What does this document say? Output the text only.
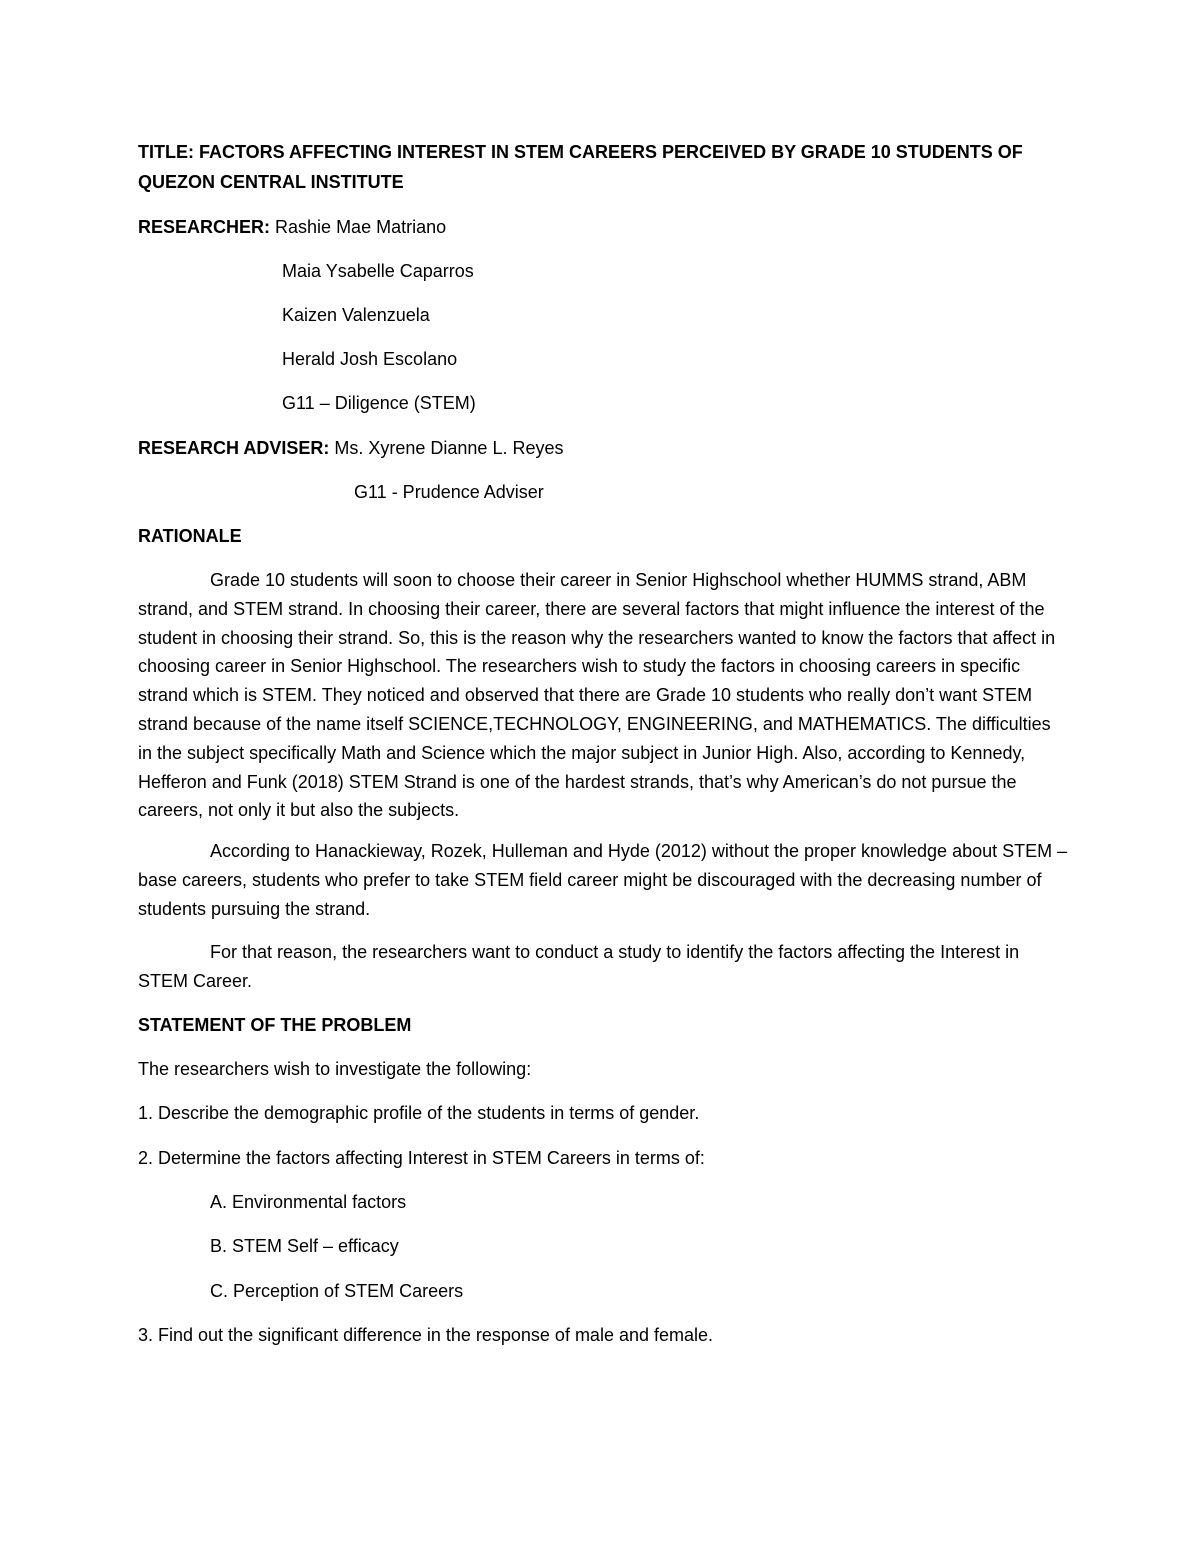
TITLE: FACTORS AFFECTING INTEREST IN STEM CAREERS PERCEIVED BY GRADE 10 STUDENTS OF
QUEZON CENTRAL INSTITUTE
RESEARCHER: Rashie Mae Matriano
Maia Ysabelle Caparros
Kaizen Valenzuela
Herald Josh Escolano
G11 – Diligence (STEM)
RESEARCH ADVISER: Ms. Xyrene Dianne L. Reyes
G11 - Prudence Adviser
RATIONALE
Grade 10 students will soon to choose their career in Senior Highschool whether HUMMS strand, ABM strand, and STEM strand. In choosing their career, there are several factors that might influence the interest of the student in choosing their strand. So, this is the reason why the researchers wanted to know the factors that affect in choosing career in Senior Highschool. The researchers wish to study the factors in choosing careers in specific strand which is STEM. They noticed and observed that there are Grade 10 students who really don’t want STEM strand because of the name itself SCIENCE,TECHNOLOGY, ENGINEERING, and MATHEMATICS. The difficulties in the subject specifically Math and Science which the major subject in Junior High. Also, according to Kennedy, Hefferon and Funk (2018) STEM Strand is one of the hardest strands, that’s why American’s do not pursue the careers, not only it but also the subjects.
According to Hanackieway, Rozek, Hulleman and Hyde (2012) without the proper knowledge about STEM – base careers, students who prefer to take STEM field career might be discouraged with the decreasing number of students pursuing the strand.
For that reason, the researchers want to conduct a study to identify the factors affecting the Interest in STEM Career.
STATEMENT OF THE PROBLEM
The researchers wish to investigate the following:
1. Describe the demographic profile of the students in terms of gender.
2. Determine the factors affecting Interest in STEM Careers in terms of:
A. Environmental factors
B. STEM Self – efficacy
C. Perception of STEM Careers
3. Find out the significant difference in the response of male and female.
